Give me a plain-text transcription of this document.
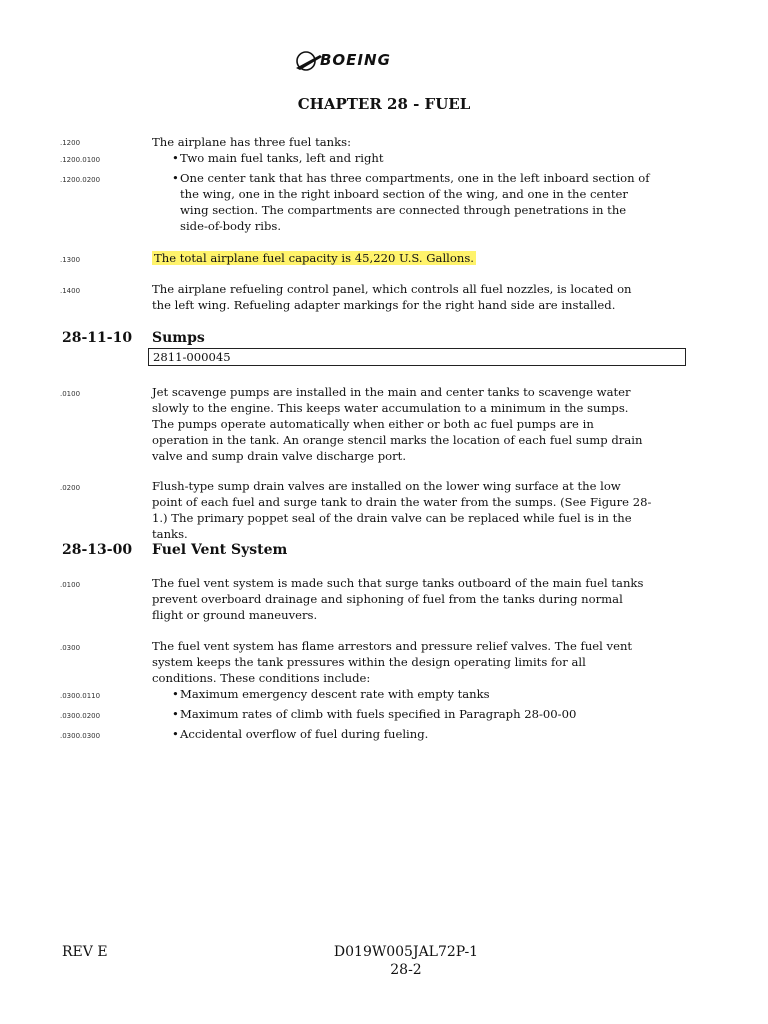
BOEING
CHAPTER 28 - FUEL
.1200	The airplane has three fuel tanks:
.1200.0100	• Two main fuel tanks, left and right
.1200.0200	• One center tank that has three compartments, one in the left inboard section of the wing, one in the right inboard section of the wing, and one in the center wing section. The compartments are connected through penetrations in the side-of-body ribs.
.1300	The total airplane fuel capacity is 45,220 U.S. Gallons.
.1400	The airplane refueling control panel, which controls all fuel nozzles, is located on the left wing. Refueling adapter markings for the right hand side are installed.
28-11-10 Sumps
2811-000045
.0100	Jet scavenge pumps are installed in the main and center tanks to scavenge water slowly to the engine. This keeps water accumulation to a minimum in the sumps. The pumps operate automatically when either or both ac fuel pumps are in operation in the tank. An orange stencil marks the location of each fuel sump drain valve and sump drain valve discharge port.
.0200	Flush-type sump drain valves are installed on the lower wing surface at the low point of each fuel and surge tank to drain the water from the sumps. (See Figure 28-1.) The primary poppet seal of the drain valve can be replaced while fuel is in the tanks.
28-13-00 Fuel Vent System
.0100	The fuel vent system is made such that surge tanks outboard of the main fuel tanks prevent overboard drainage and siphoning of fuel from the tanks during normal flight or ground maneuvers.
.0300	The fuel vent system has flame arrestors and pressure relief valves. The fuel vent system keeps the tank pressures within the design operating limits for all conditions. These conditions include:
.0300.0110	• Maximum emergency descent rate with empty tanks
.0300.0200	• Maximum rates of climb with fuels specified in Paragraph 28-00-00
.0300.0300	• Accidental overflow of fuel during fueling.
REV E	D019W005JAL72P-1
28-2
